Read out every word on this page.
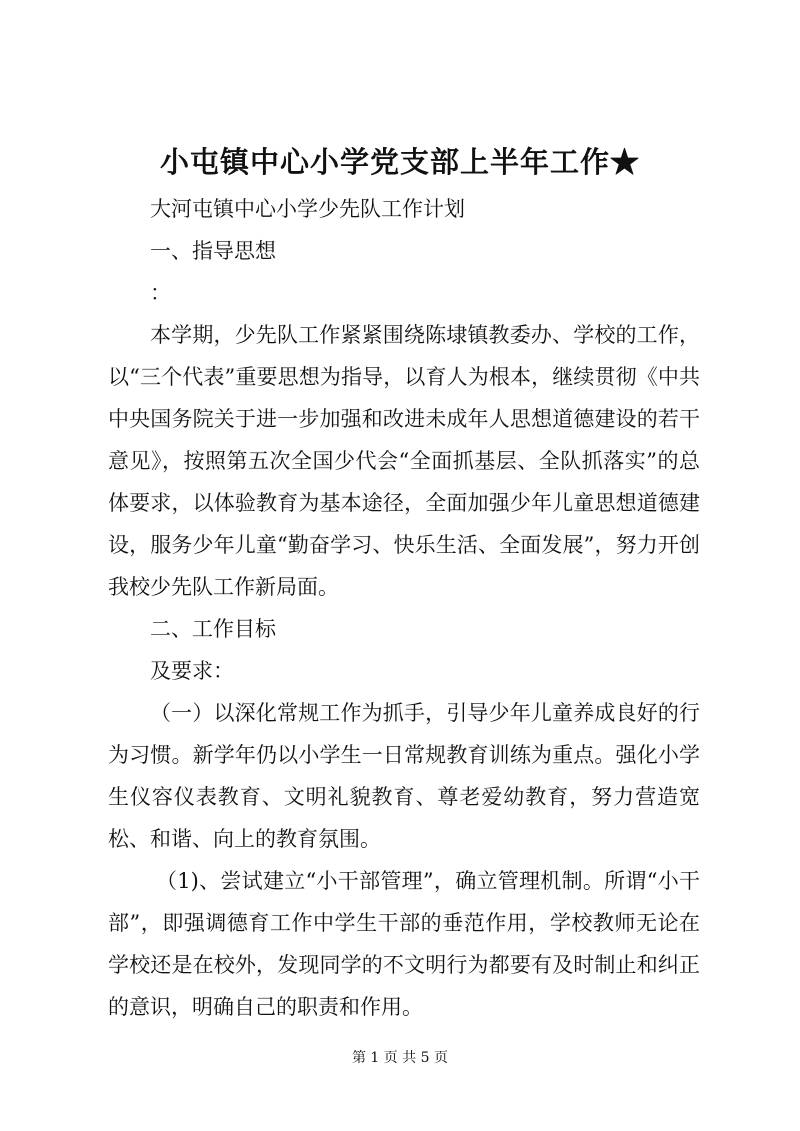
小屯镇中心小学党支部上半年工作★

大河屯镇中心小学少先队工作计划

一、指导思想

：

本学期，少先队工作紧紧围绕陈埭镇教委办、学校的工作，以“三个代表”重要思想为指导，以育人为根本，继续贯彻《中共中央国务院关于进一步加强和改进未成年人思想道德建设的若干意见》，按照第五次全国少代会“全面抓基层、全队抓落实”的总体要求，以体验教育为基本途径，全面加强少年儿童思想道德建设，服务少年儿童“勤奋学习、快乐生活、全面发展”，努力开创我校少先队工作新局面。

二、工作目标

及要求：

（一）以深化常规工作为抓手，引导少年儿童养成良好的行为习惯。新学年仍以小学生一日常规教育训练为重点。强化小学生仪容仪表教育、文明礼貌教育、尊老爱幼教育，努力营造宽松、和谐、向上的教育氛围。

（1)、尝试建立“小干部管理”，确立管理机制。所谓“小干部”，即强调德育工作中学生干部的垂范作用，学校教师无论在学校还是在校外，发现同学的不文明行为都要有及时制止和纠正的意识，明确自己的职责和作用。

第 1 页 共 5 页
